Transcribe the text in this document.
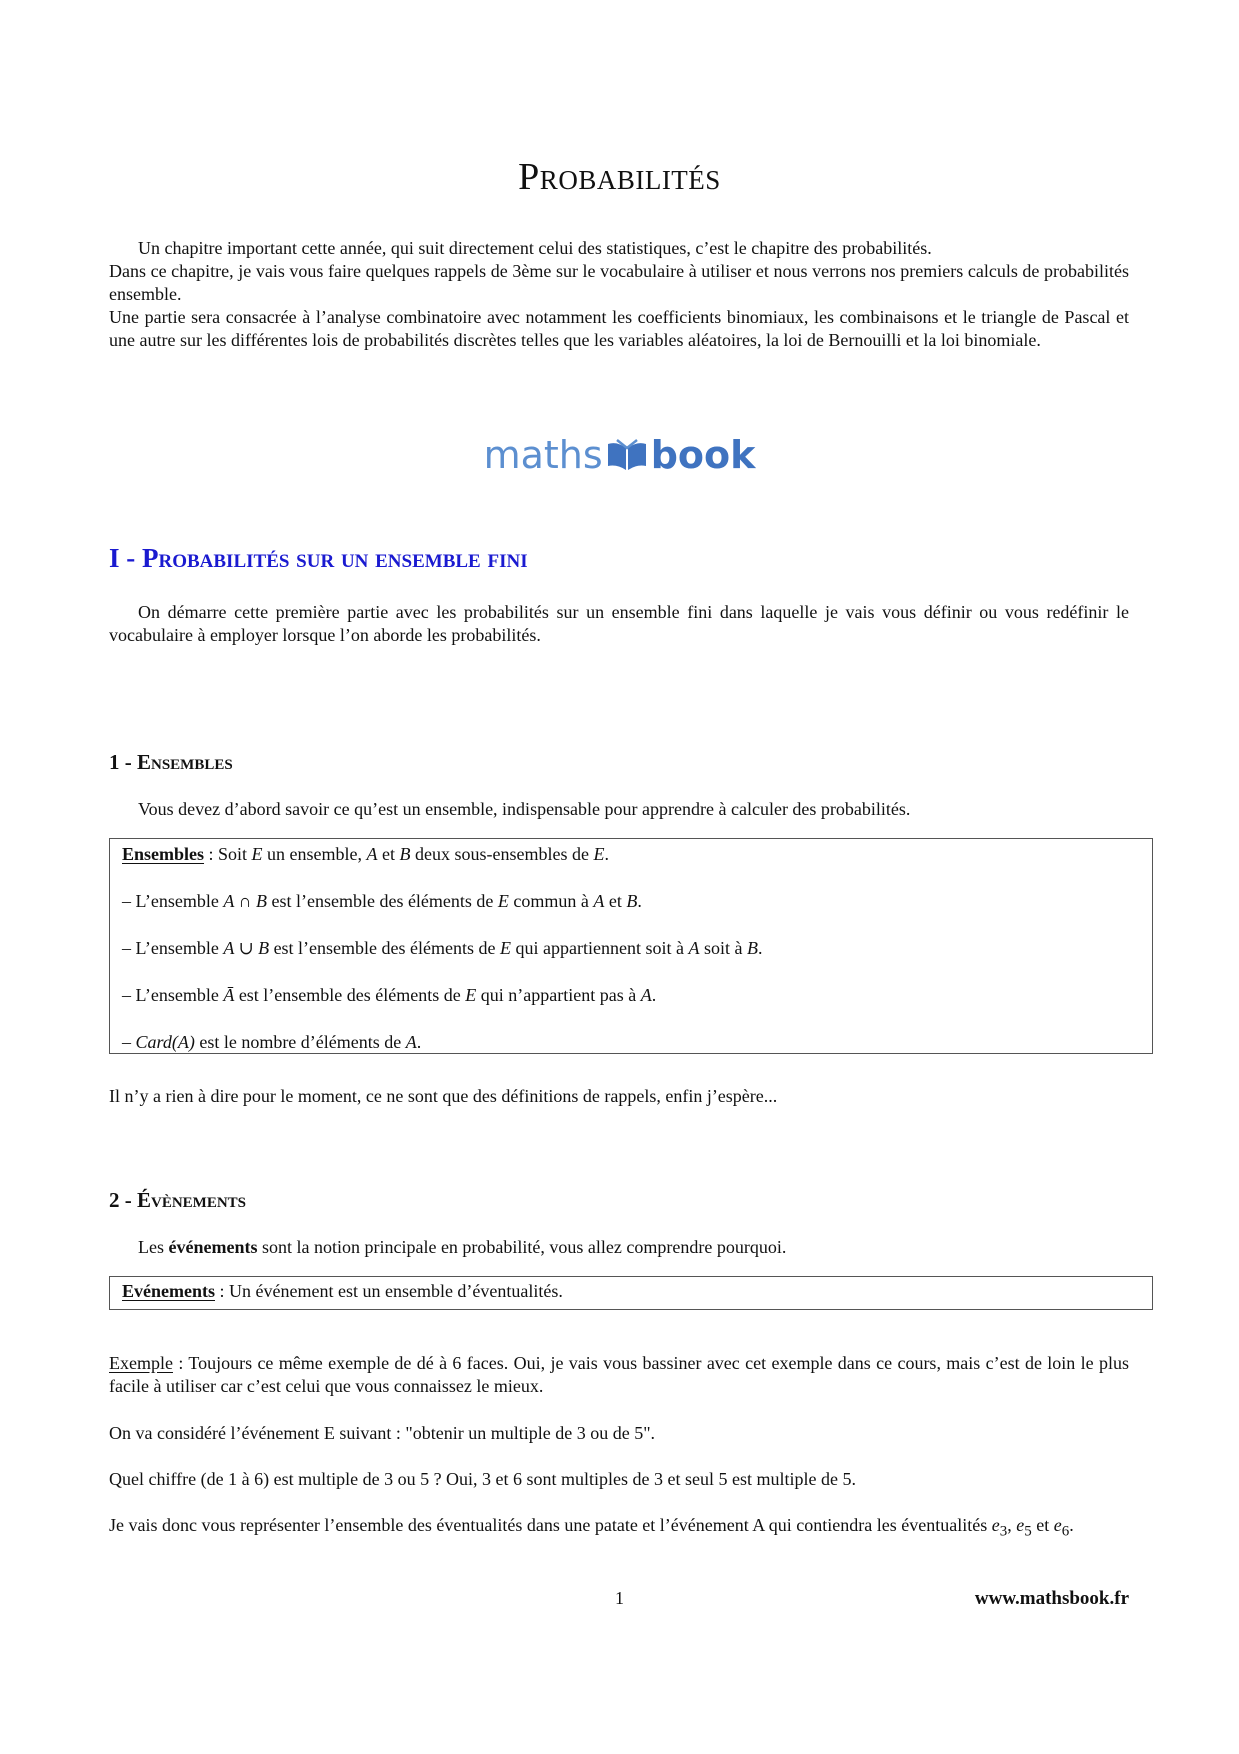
Probabilités
Un chapitre important cette année, qui suit directement celui des statistiques, c’est le chapitre des probabilités.
Dans ce chapitre, je vais vous faire quelques rappels de 3ème sur le vocabulaire à utiliser et nous verrons nos premiers calculs de probabilités ensemble.
Une partie sera consacrée à l’analyse combinatoire avec notamment les coefficients binomiaux, les combinaisons et le triangle de Pascal et une autre sur les différentes lois de probabilités discrètes telles que les variables aléatoires, la loi de Bernouilli et la loi binomiale.
maths book
I - Probabilités sur un ensemble fini
On démarre cette première partie avec les probabilités sur un ensemble fini dans laquelle je vais vous définir ou vous redéfinir le vocabulaire à employer lorsque l’on aborde les probabilités.
1 - Ensembles
Vous devez d’abord savoir ce qu’est un ensemble, indispensable pour apprendre à calculer des probabilités.
Ensembles : Soit E un ensemble, A et B deux sous-ensembles de E.
– L’ensemble A ∩ B est l’ensemble des éléments de E commun à A et B.
– L’ensemble A ∪ B est l’ensemble des éléments de E qui appartiennent soit à A soit à B.
– L’ensemble Ā est l’ensemble des éléments de E qui n’appartient pas à A.
– Card(A) est le nombre d’éléments de A.
Il n’y a rien à dire pour le moment, ce ne sont que des définitions de rappels, enfin j’espère...
2 - Évènements
Les événements sont la notion principale en probabilité, vous allez comprendre pourquoi.
Evénements : Un événement est un ensemble d’éventualités.
Exemple : Toujours ce même exemple de dé à 6 faces. Oui, je vais vous bassiner avec cet exemple dans ce cours, mais c’est de loin le plus facile à utiliser car c’est celui que vous connaissez le mieux.
On va considéré l’événement E suivant : "obtenir un multiple de 3 ou de 5".
Quel chiffre (de 1 à 6) est multiple de 3 ou 5 ? Oui, 3 et 6 sont multiples de 3 et seul 5 est multiple de 5.
Je vais donc vous représenter l’ensemble des éventualités dans une patate et l’événement A qui contiendra les éventualités $e_3$, $e_5$ et $e_6$.
1	www.mathsbook.fr
